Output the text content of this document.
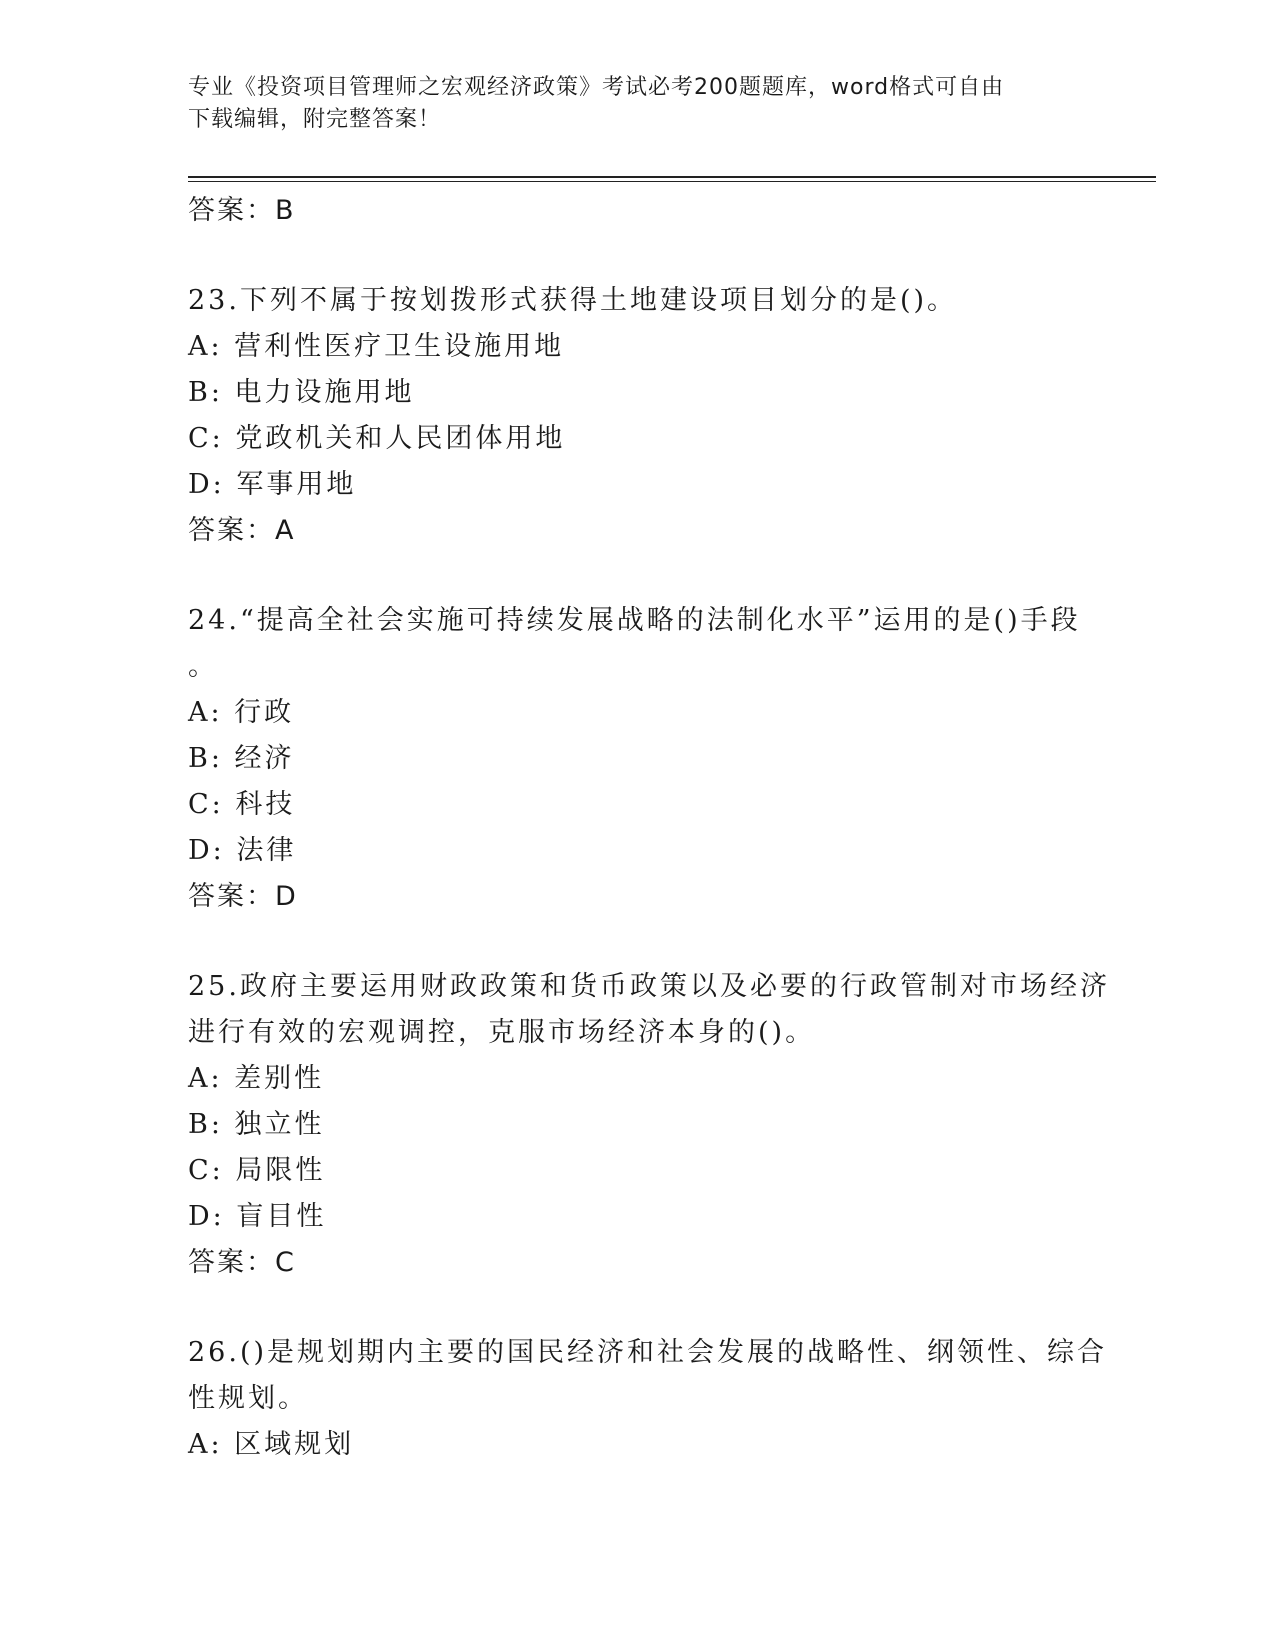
专业《投资项目管理师之宏观经济政策》考试必考200题题库，word格式可自由
下载编辑，附完整答案！
答案：B
23.下列不属于按划拨形式获得土地建设项目划分的是()。
A: 营利性医疗卫生设施用地
B: 电力设施用地
C: 党政机关和人民团体用地
D: 军事用地
答案：A
24.“提高全社会实施可持续发展战略的法制化水平”运用的是()手段
。
A: 行政
B: 经济
C: 科技
D: 法律
答案：D
25.政府主要运用财政政策和货币政策以及必要的行政管制对市场经济
进行有效的宏观调控，克服市场经济本身的()。
A: 差别性
B: 独立性
C: 局限性
D: 盲目性
答案：C
26.()是规划期内主要的国民经济和社会发展的战略性、纲领性、综合
性规划。
A: 区域规划
